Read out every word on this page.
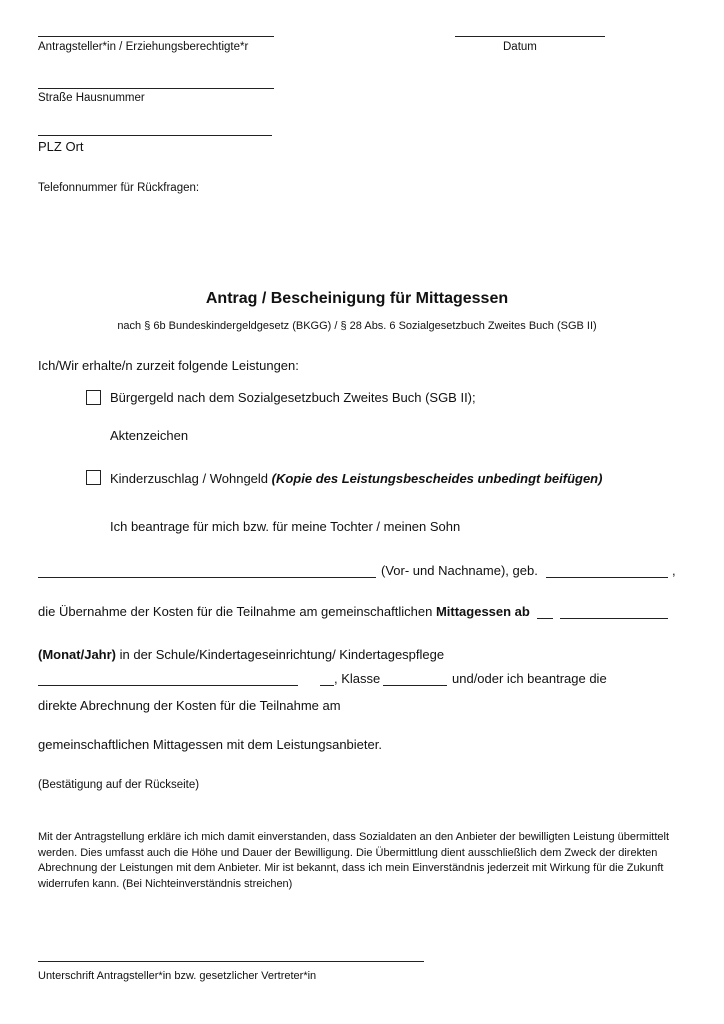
Antragsteller*in / Erziehungsberechtigte*r	Datum
Straße Hausnummer
PLZ Ort
Telefonnummer für Rückfragen:
Antrag / Bescheinigung für Mittagessen
nach § 6b Bundeskindergeldgesetz (BKGG) / § 28 Abs. 6 Sozialgesetzbuch Zweites Buch (SGB II)
Ich/Wir erhalte/n zurzeit folgende Leistungen:
Bürgergeld nach dem Sozialgesetzbuch Zweites Buch (SGB II);
Aktenzeichen
Kinderzuschlag / Wohngeld (Kopie des Leistungsbescheides unbedingt beifügen)
Ich beantrage für mich bzw. für meine Tochter / meinen Sohn
(Vor- und Nachname), geb.	,
die Übernahme der Kosten für die Teilnahme am gemeinschaftlichen Mittagessen ab
(Monat/Jahr) in der Schule/Kindertageseinrichtung/ Kindertagespflege
, Klasse	und/oder ich beantrage die
direkte Abrechnung der Kosten für die Teilnahme am
gemeinschaftlichen Mittagessen mit dem Leistungsanbieter.
(Bestätigung auf der Rückseite)
Mit der Antragstellung erkläre ich mich damit einverstanden, dass Sozialdaten an den Anbieter der bewilligten Leistung übermittelt werden. Dies umfasst auch die Höhe und Dauer der Bewilligung. Die Übermittlung dient ausschließlich dem Zweck der direkten Abrechnung der Leistungen mit dem Anbieter. Mir ist bekannt, dass ich mein Einverständnis jederzeit mit Wirkung für die Zukunft widerrufen kann. (Bei Nichteinverständnis streichen)
Unterschrift Antragsteller*in bzw. gesetzlicher Vertreter*in
